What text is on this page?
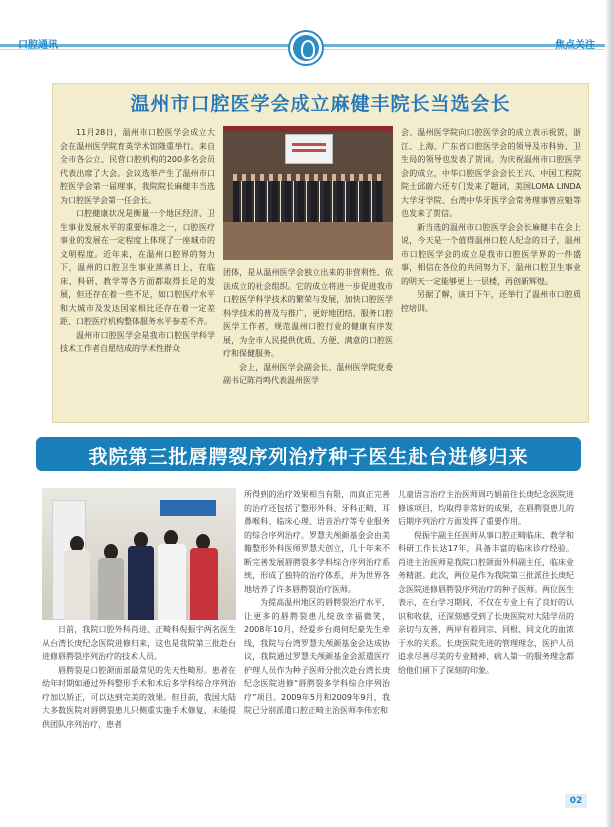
口腔通讯	焦点关注
温州市口腔医学会成立麻健丰院长当选会长

11月28日，温州市口腔医学会成立大会在温州医学院育英学术馆隆重举行。来自全市各公立、民营口腔机构的200多名会员代表出席了大会。会议选举产生了温州市口腔医学会第一届理事，我院院长麻健丰当选为口腔医学会第一任会长。

口腔健康状况是衡量一个地区经济、卫生事业发展水平的重要标准之一，口腔医疗事业的发展在一定程度上体现了一座城市的文明程度。近年来，在温州口腔界的努力下，温州的口腔卫生事业蒸蒸日上，在临床、科研、教学等各方面都取得长足的发展，但还存在着一些不足，如口腔医疗水平和大城市及发达国家相比还存在着一定差距、口腔医疗机构整体服务水平参差不齐。

温州市口腔医学会是我市口腔医学科学技术工作者自愿结成的学术性群众

团体，是从温州医学会独立出来的非营利性、依法成立的社会组织。它的成立将进一步促进我市口腔医学科学技术的繁荣与发展，加快口腔医学科学技术的普及与推广，更好地团结、服务口腔医学工作者，规范温州口腔行业的健康有序发展，为全市人民提供优质、方便、满意的口腔医疗和保健服务。

会上，温州医学会副会长、温州医学院党委副书记陈肖鸣代表温州医学

会、温州医学院向口腔医学会的成立表示祝贺，浙江、上海、广东省口腔医学会的领导及市科协、卫生局的领导也发表了贺词。为庆祝温州市口腔医学会的成立，中华口腔医学会会长王兴、中国工程院院士邱蔚六还专门发来了题词，美国LOMA LINDA大学牙学院、台湾中华牙医学会常务理事曾应魁等也发来了贺信。

新当选的温州市口腔医学会会长麻健丰在会上说，今天是一个值得温州口腔人纪念的日子，温州市口腔医学会的成立是我市口腔医学界的一件盛事，相信在各位的共同努力下，温州口腔卫生事业的明天一定能够更上一层楼，再创新辉煌。

另据了解，该日下午，还举行了温州市口腔质控培训。

我院第三批唇腭裂序列治疗种子医生赴台进修归来

日前，我院口腔外科肖进、正畸科倪振宇两名医生从台湾长庚纪念医院进修归来，这也是我院第三批赴台进修唇腭裂序列治疗的技术人员。

唇腭裂是口腔颌面部最常见的先天性畸形。患者在幼年时期如通过外科整形手术和术后多学科综合序列治疗加以矫正，可以达到完美的效果。但目前，我国大陆大多数医院对唇腭裂患儿只侧重实施手术修复，未能提供团队序列治疗，患者

所得到的治疗效果相当有限，而真正完善的治疗还包括了整形外科、牙科正畸、耳鼻喉科、临床心理、语音治疗等专业服务的综合序列治疗。罗慧夫颅颜基金会由美籍整形外科医师罗慧夫创立，几十年来不断完善发展唇腭裂多学科综合序列治疗系统，形成了独特的治疗体系，并为世界各地培养了许多唇腭裂治疗医师。

为提高温州地区的唇腭裂治疗水平，让更多的唇腭裂患儿绽放幸福微笑，2008年10月，经爱乡台商何纪豪先生牵线，我院与台湾罗慧夫颅颜基金会达成协议，我院通过罗慧夫颅颜基金会派遣医疗护理人员作为种子医师分批次赴台湾长庚纪念医院进修“唇腭裂多学科综合序列治疗”项目。2009年5月和2009年9月，我院已分别派遣口腔正畸主治医师李伟宏和

儿童语言治疗主治医师周巧娟前往长庚纪念医院进修该项目，均取得非常好的成果，在唇腭裂患儿的后期序列治疗方面发挥了重要作用。

倪振宇副主任医师从事口腔正畸临床、教学和科研工作长达17年，具备丰富的临床诊疗经验。肖进主治医师是我院口腔颌面外科副主任，临床业务精湛。此次，两位是作为我院第三批派往长庚纪念医院进修唇腭裂序列治疗的种子医师。两位医生表示，在台学习期间，不仅在专业上有了良好的认识和收获，还深刻感受到了长庚医院对大陆学员的亲切与友善，两岸有着同宗、同根、同文化的血浓于水的关系。长庚医院先进的管理理念，医护人员追求尽善尽美的专业精神、病人第一的服务理念都给他们留下了深刻的印象。

02
